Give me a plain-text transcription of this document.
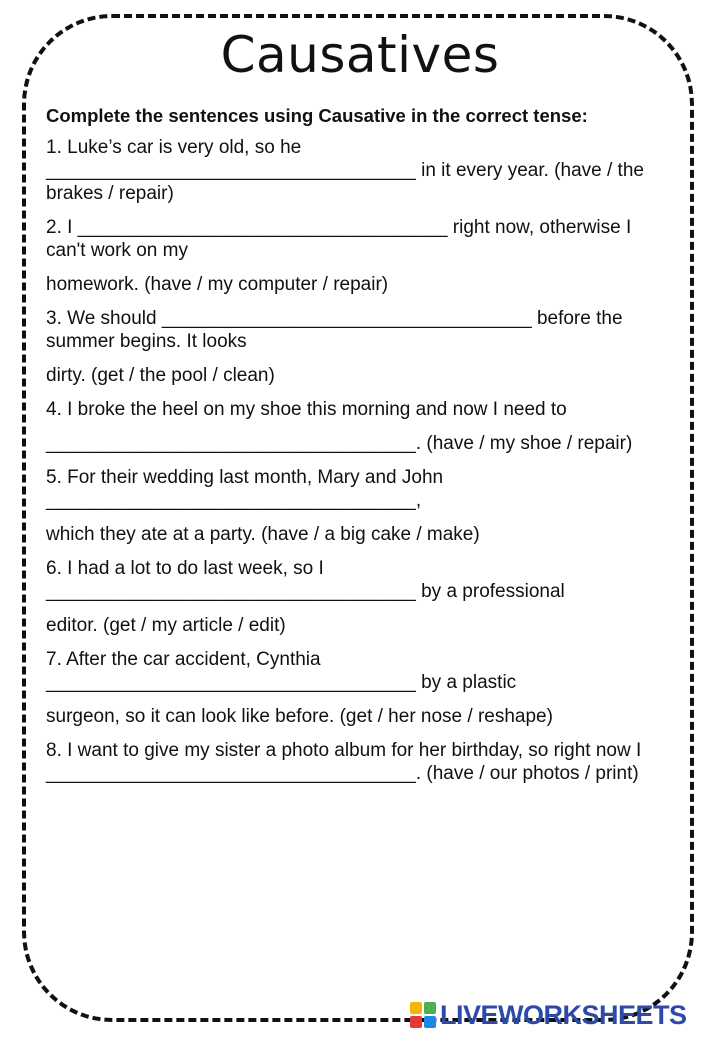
Causatives

Complete the sentences using Causative in the correct tense:

1. Luke’s car is very old, so he ___________________________________ in it every year. (have / the brakes / repair)

2. I ___________________________________ right now, otherwise I can't work on my

homework. (have / my computer / repair)

3. We should ___________________________________ before the summer begins. It looks

dirty. (get / the pool / clean)

4. I broke the heel on my shoe this morning and now I need to

___________________________________. (have / my shoe / repair)

5. For their wedding last month, Mary and John ___________________________________,

which they ate at a party. (have / a big cake / make)

6. I had a lot to do last week, so I ___________________________________ by a professional

editor. (get / my article / edit)

7. After the car accident, Cynthia ___________________________________ by a plastic

surgeon, so it can look like before. (get / her nose / reshape)

8. I want to give my sister a photo album for her birthday, so right now I ___________________________________. (have / our photos / print)

LIVEWORKSHEETS
